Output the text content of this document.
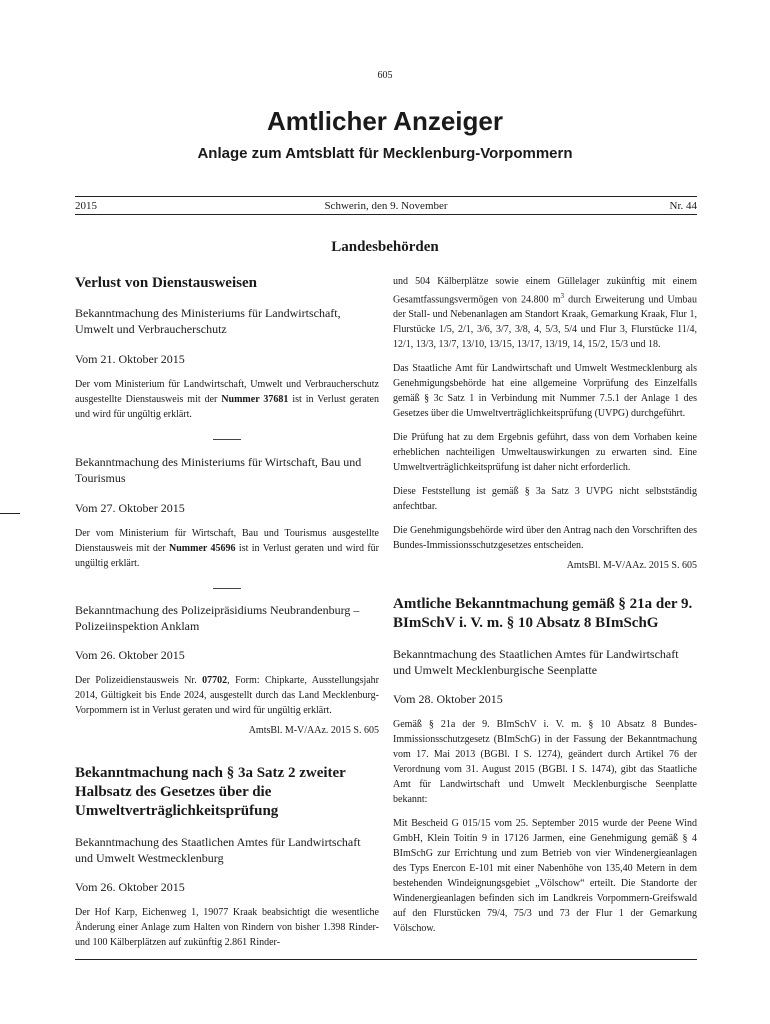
605
Amtlicher Anzeiger
Anlage zum Amtsblatt für Mecklenburg-Vorpommern
2015	Schwerin, den 9. November	Nr. 44
Landesbehörden

Verlust von Dienstausweisen

Bekanntmachung des Ministeriums für Landwirtschaft, Umwelt und Verbraucherschutz

Vom 21. Oktober 2015

Der vom Ministerium für Landwirtschaft, Umwelt und Verbraucherschutz ausgestellte Dienstausweis mit der Nummer 37681 ist in Verlust geraten und wird für ungültig erklärt.

Bekanntmachung des Ministeriums für Wirtschaft, Bau und Tourismus

Vom 27. Oktober 2015

Der vom Ministerium für Wirtschaft, Bau und Tourismus ausgestellte Dienstausweis mit der Nummer 45696 ist in Verlust geraten und wird für ungültig erklärt.

Bekanntmachung des Polizeipräsidiums Neubrandenburg – Polizeiinspektion Anklam

Vom 26. Oktober 2015

Der Polizeidienstausweis Nr. 07702, Form: Chipkarte, Ausstellungsjahr 2014, Gültigkeit bis Ende 2024, ausgestellt durch das Land Mecklenburg-Vorpommern ist in Verlust geraten und wird für ungültig erklärt.

AmtsBl. M-V/AAz. 2015 S. 605

Bekanntmachung nach § 3a Satz 2 zweiter Halbsatz des Gesetzes über die Umweltverträglichkeitsprüfung

Bekanntmachung des Staatlichen Amtes für Landwirtschaft und Umwelt Westmecklenburg

Vom 26. Oktober 2015

Der Hof Karp, Eichenweg 1, 19077 Kraak beabsichtigt die wesentliche Änderung einer Anlage zum Halten von Rindern von bisher 1.398 Rinder- und 100 Kälberplätzen auf zukünftig 2.861 Rinder-

und 504 Kälberplätze sowie einem Güllelager zukünftig mit einem Gesamtfassungsvermögen von 24.800 $m^3$ durch Erweiterung und Umbau der Stall- und Nebenanlagen am Standort Kraak, Gemarkung Kraak, Flur 1, Flurstücke 1/5, 2/1, 3/6, 3/7, 3/8, 4, 5/3, 5/4 und Flur 3, Flurstücke 11/4, 12/1, 13/3, 13/7, 13/10, 13/15, 13/17, 13/19, 14, 15/2, 15/3 und 18.

Das Staatliche Amt für Landwirtschaft und Umwelt Westmecklenburg als Genehmigungsbehörde hat eine allgemeine Vorprüfung des Einzelfalls gemäß § 3c Satz 1 in Verbindung mit Nummer 7.5.1 der Anlage 1 des Gesetzes über die Umweltverträglichkeitsprüfung (UVPG) durchgeführt.

Die Prüfung hat zu dem Ergebnis geführt, dass von dem Vorhaben keine erheblichen nachteiligen Umweltauswirkungen zu erwarten sind. Eine Umweltverträglichkeitsprüfung ist daher nicht erforderlich.

Diese Feststellung ist gemäß § 3a Satz 3 UVPG nicht selbstständig anfechtbar.

Die Genehmigungsbehörde wird über den Antrag nach den Vorschriften des Bundes-Immissionsschutzgesetzes entscheiden.

AmtsBl. M-V/AAz. 2015 S. 605

Amtliche Bekanntmachung gemäß § 21a der 9. BImSchV i. V. m. § 10 Absatz 8 BImSchG

Bekanntmachung des Staatlichen Amtes für Landwirtschaft und Umwelt Mecklenburgische Seenplatte

Vom 28. Oktober 2015

Gemäß § 21a der 9. BImSchV i. V. m. § 10 Absatz 8 Bundes-Immissionsschutzgesetz (BImSchG) in der Fassung der Bekanntmachung vom 17. Mai 2013 (BGBl. I S. 1274), geändert durch Artikel 76 der Verordnung vom 31. August 2015 (BGBl. I S. 1474), gibt das Staatliche Amt für Landwirtschaft und Umwelt Mecklenburgische Seenplatte bekannt:

Mit Bescheid G 015/15 vom 25. September 2015 wurde der Peene Wind GmbH, Klein Toitin 9 in 17126 Jarmen, eine Genehmigung gemäß § 4 BImSchG zur Errichtung und zum Betrieb von vier Windenergieanlagen des Typs Enercon E-101 mit einer Nabenhöhe von 135,40 Metern in dem bestehenden Windeignungsgebiet „Völschow“ erteilt. Die Standorte der Windenergieanlagen befinden sich im Landkreis Vorpommern-Greifswald auf den Flurstücken 79/4, 75/3 und 73 der Flur 1 der Gemarkung Völschow.
